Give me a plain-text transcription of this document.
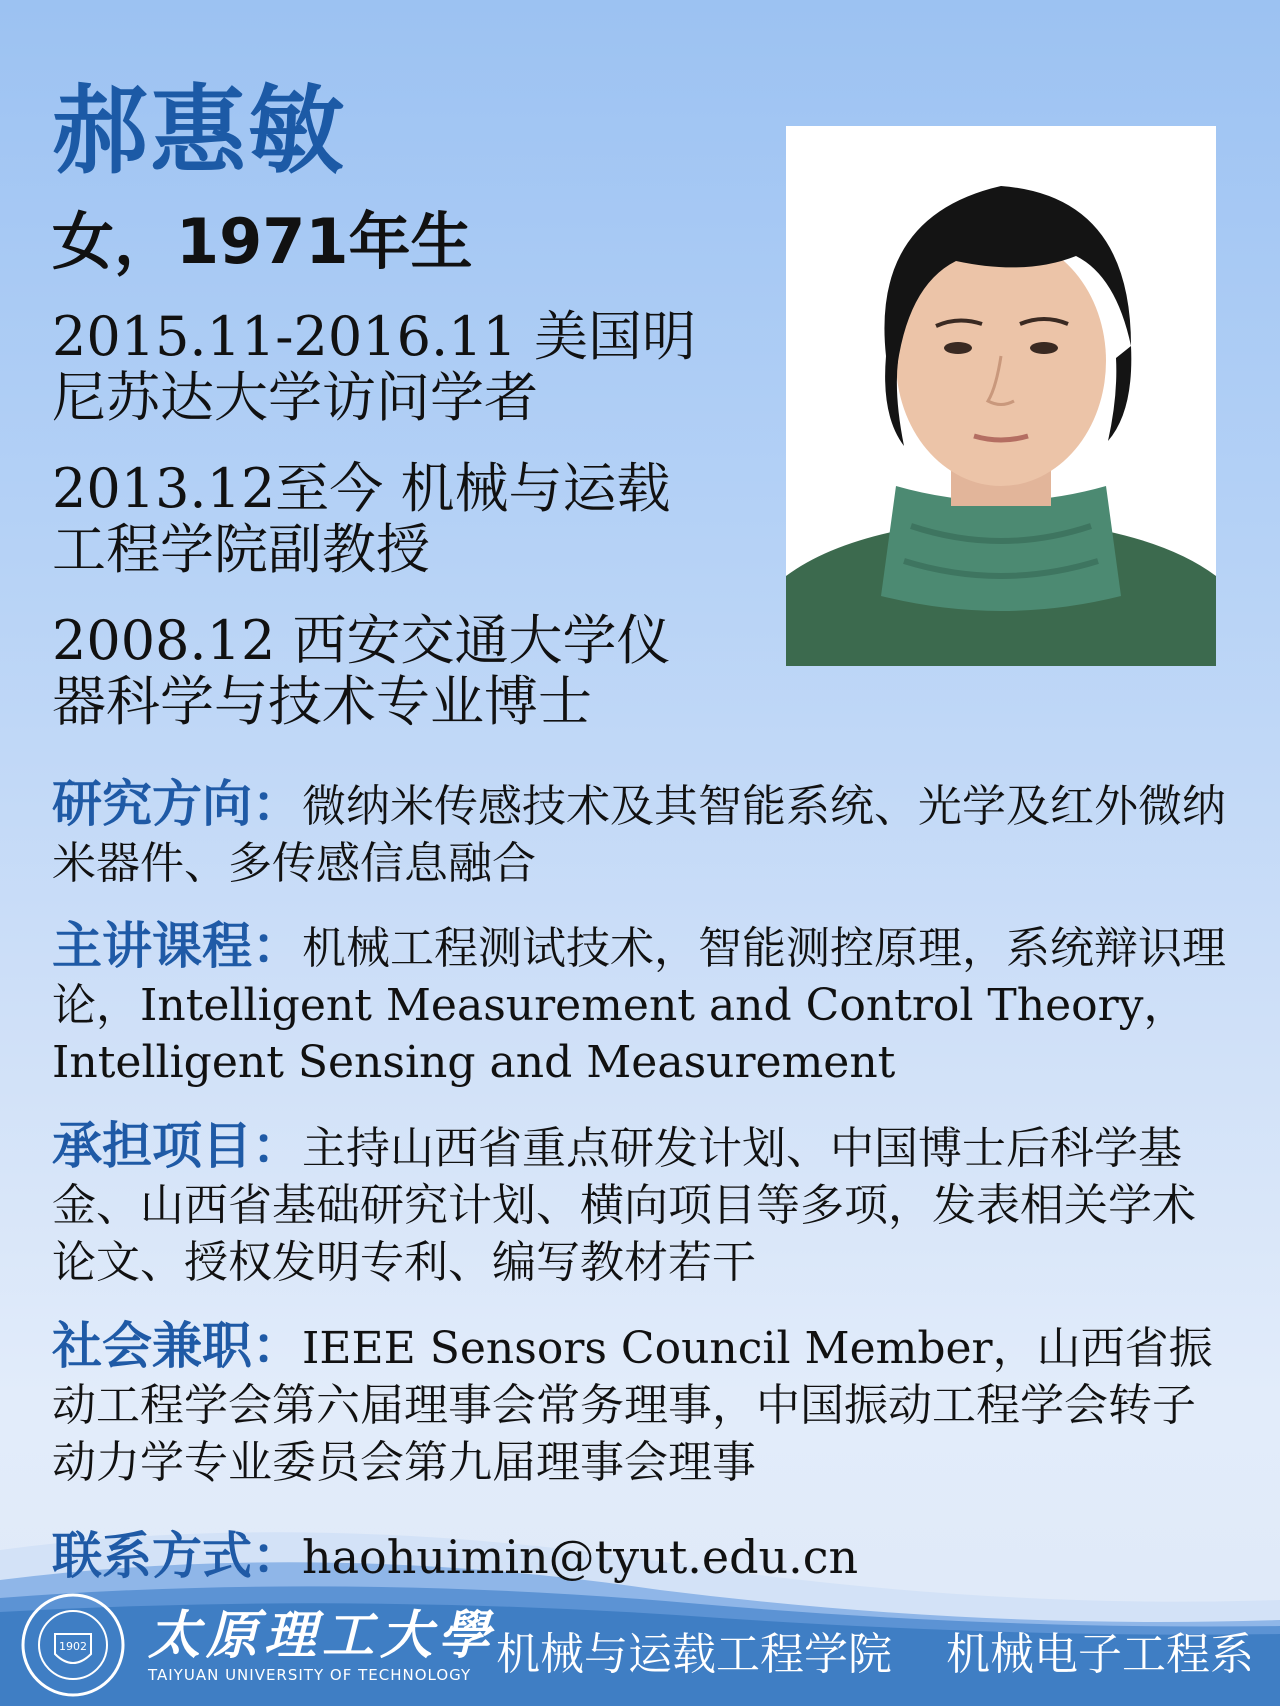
郝惠敏
女，1971年生
2015.11-2016.11 美国明尼苏达大学访问学者
2013.12至今 机械与运载工程学院副教授
2008.12 西安交通大学仪器科学与技术专业博士
研究方向：微纳米传感技术及其智能系统、光学及红外微纳米器件、多传感信息融合
主讲课程：机械工程测试技术，智能测控原理，系统辩识理论，Intelligent Measurement and Control Theory，Intelligent Sensing and Measurement
承担项目：主持山西省重点研发计划、中国博士后科学基金、山西省基础研究计划、横向项目等多项，发表相关学术论文、授权发明专利、编写教材若干
社会兼职：IEEE Sensors Council Member，山西省振动工程学会第六届理事会常务理事，中国振动工程学会转子动力学专业委员会第九届理事会理事
联系方式：haohuimin@tyut.edu.cn
1902 太原理工大學
TAIYUAN UNIVERSITY OF TECHNOLOGY 机械与运载工程学院 机械电子工程系
